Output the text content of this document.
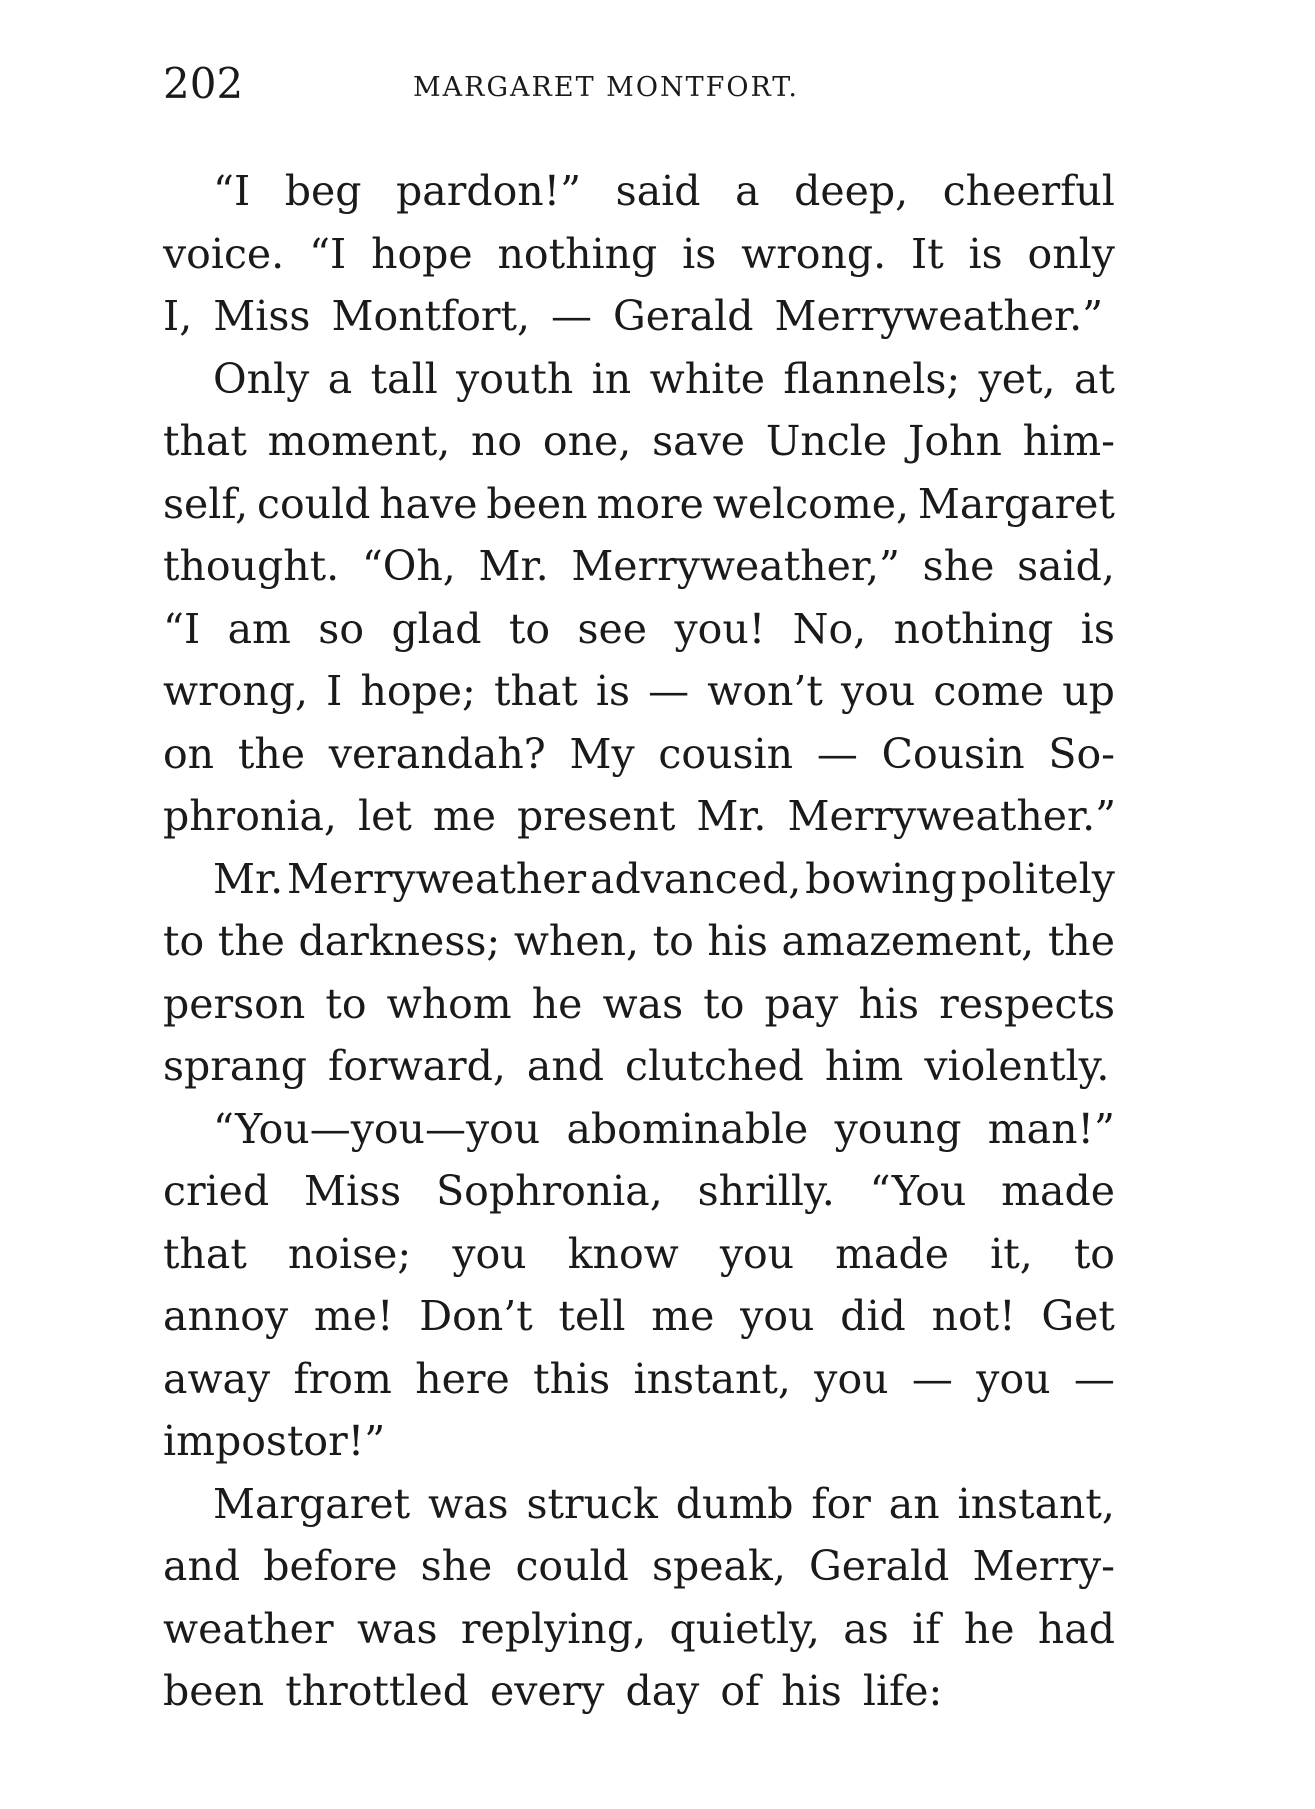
202	MARGARET MONTFORT.
“I beg pardon!” said a deep, cheerful
voice. “I hope nothing is wrong. It is only
I, Miss Montfort, — Gerald Merryweather.”
Only a tall youth in white flannels; yet, at
that moment, no one, save Uncle John him-
self, could have been more welcome, Margaret
thought. “Oh, Mr. Merryweather,” she said,
“I am so glad to see you! No, nothing is
wrong, I hope; that is — won’t you come up
on the verandah? My cousin — Cousin So-
phronia, let me present Mr. Merryweather.”
Mr. Merryweather advanced, bowing politely
to the darkness; when, to his amazement, the
person to whom he was to pay his respects
sprang forward, and clutched him violently.
“You—you—you abominable young man!”
cried Miss Sophronia, shrilly. “You made
that noise; you know you made it, to
annoy me! Don’t tell me you did not! Get
away from here this instant, you — you —
impostor!”
Margaret was struck dumb for an instant,
and before she could speak, Gerald Merry-
weather was replying, quietly, as if he had
been throttled every day of his life:
